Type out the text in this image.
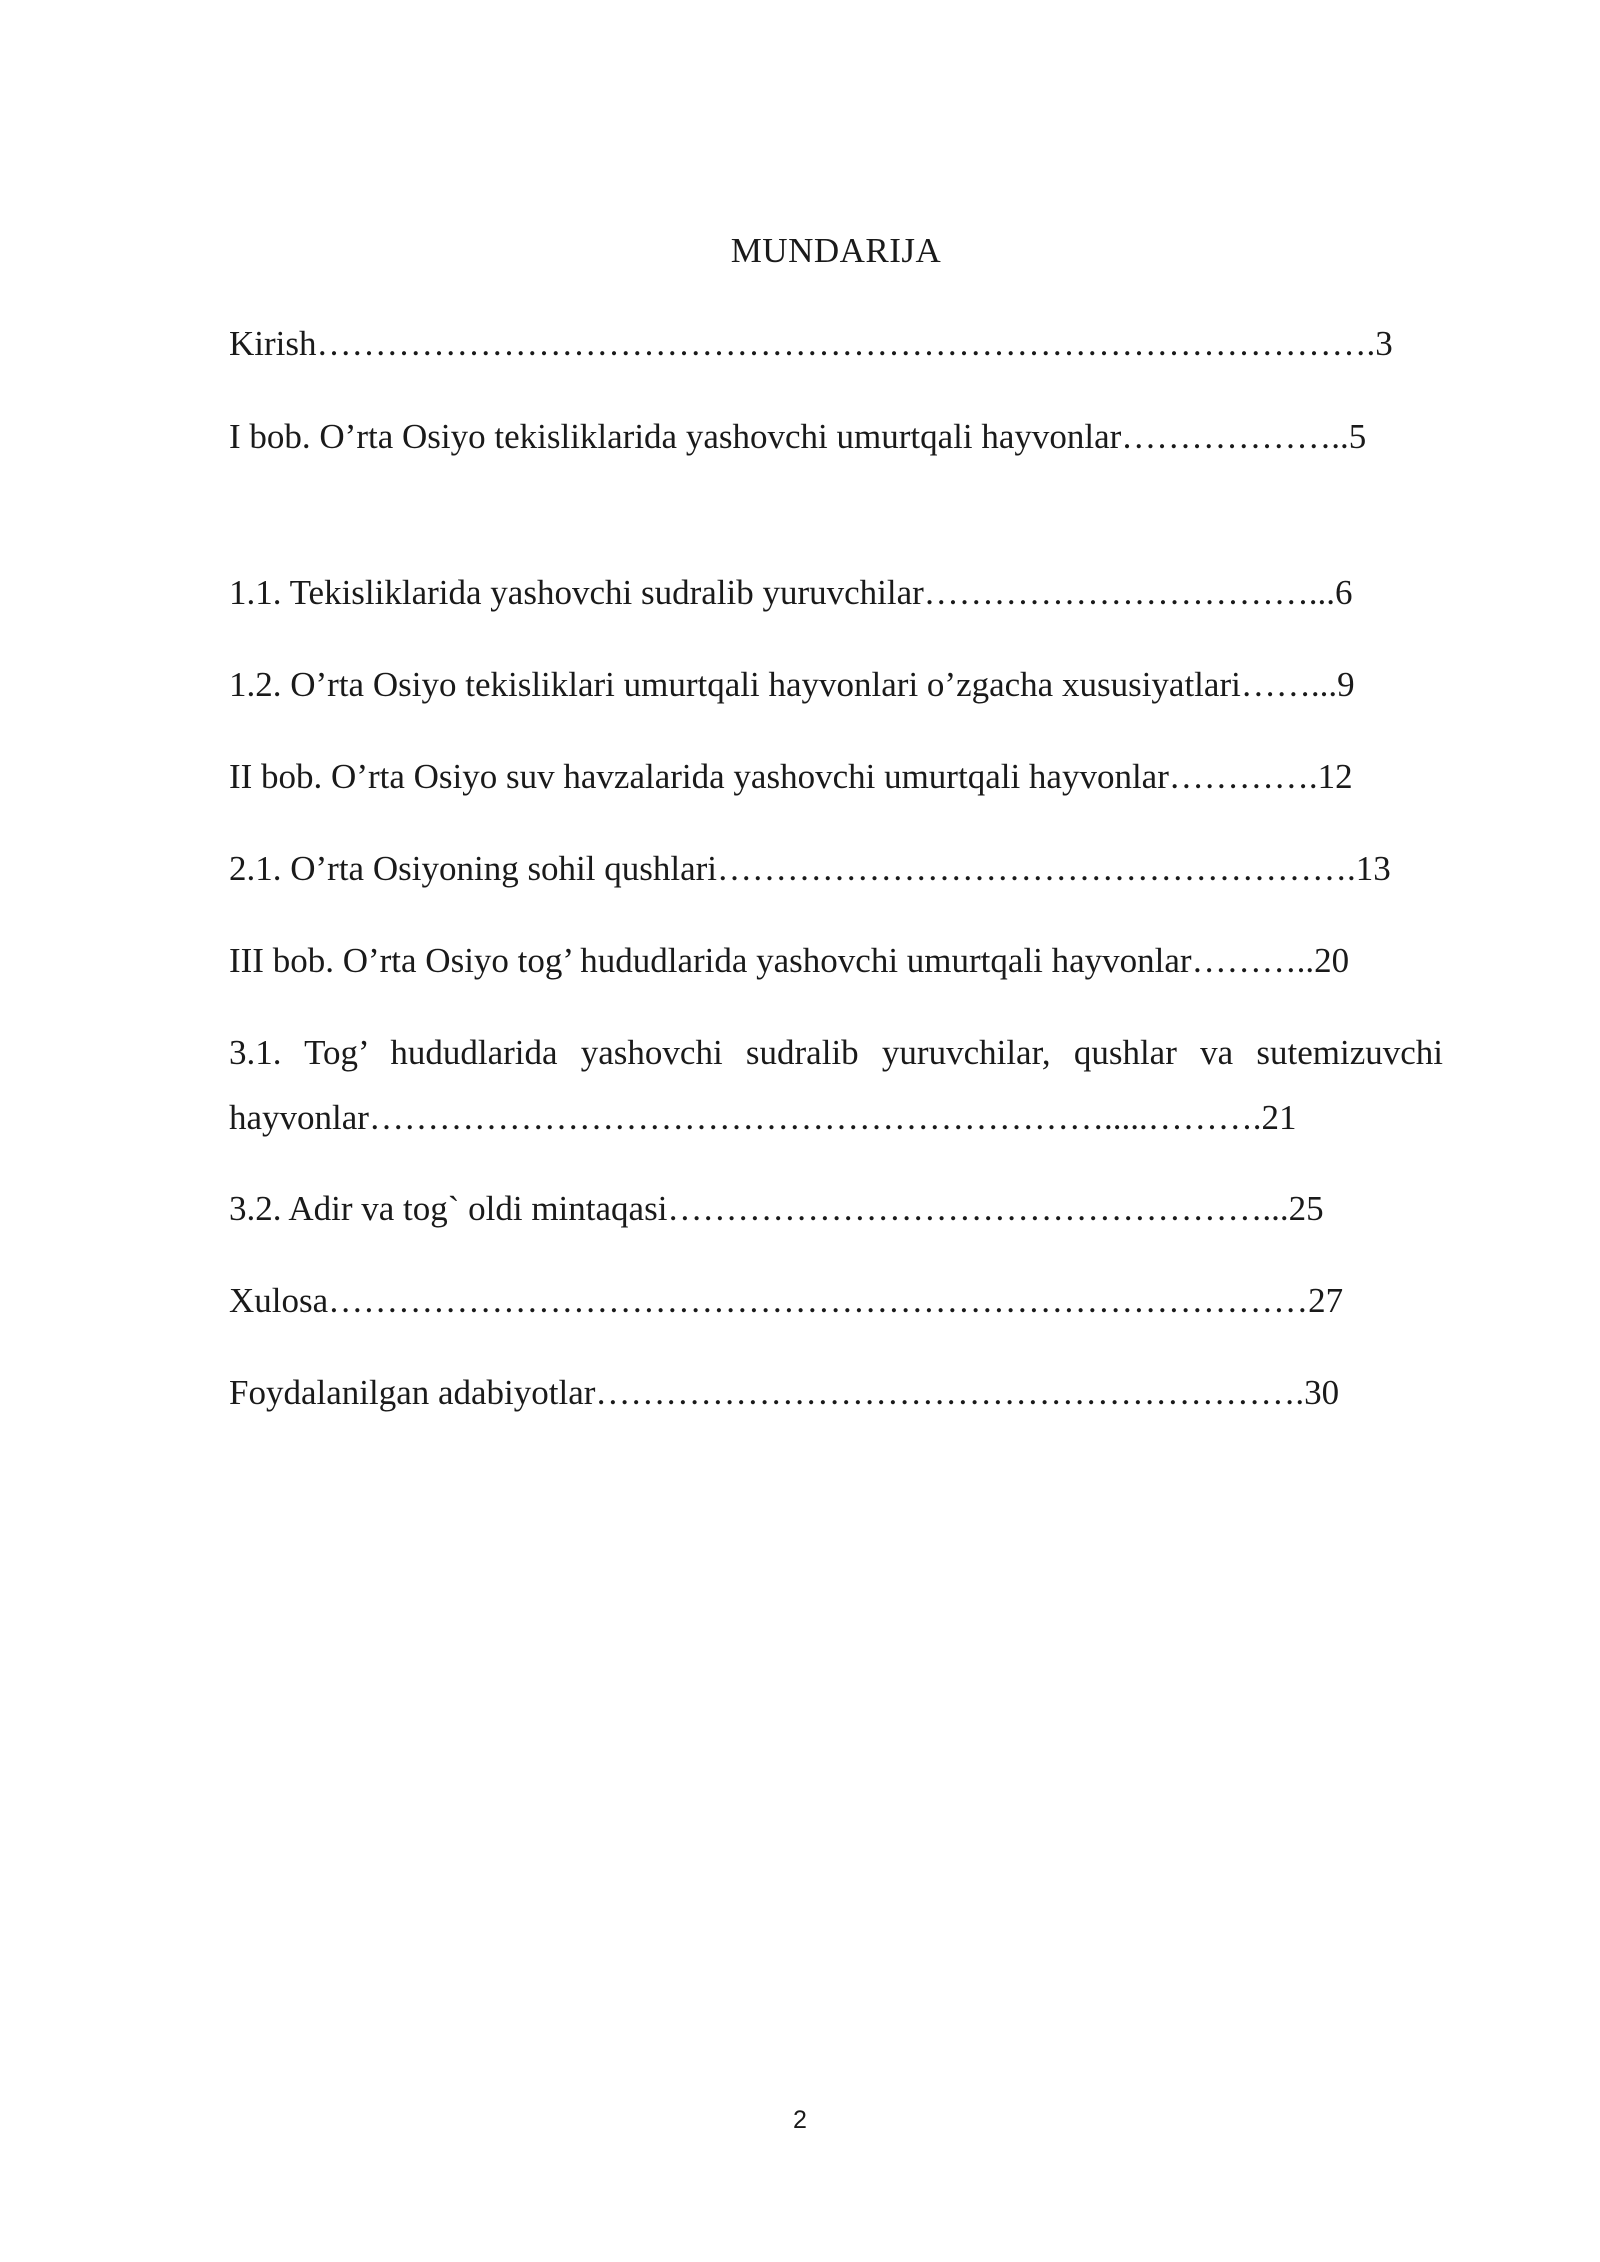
MUNDARIJA
Kirish……………………………………………………………………………….3
I bob. O’rta Osiyo tekisliklarida yashovchi umurtqali hayvonlar………………..5
1.1. Tekisliklarida yashovchi sudralib yuruvchilar……………………………...6
1.2. O’rta Osiyo tekisliklari umurtqali hayvonlari o’zgacha xususiyatlari……...9
II bob. O’rta Osiyo suv havzalarida yashovchi umurtqali hayvonlar………….12
2.1. O’rta Osiyoning sohil qushlari……………………………………………….13
III bob. O’rta Osiyo tog’ hududlarida yashovchi umurtqali hayvonlar………..20
3.1. Tog’ hududlarida yashovchi sudralib yuruvchilar, qushlar va sutemizuvchi hayvonlar……………………………………………………….....……….21
3.2. Adir va tog` oldi mintaqasi……………………………………………...25
Xulosa…………………………………………………………………………27
Foydalanilgan adabiyotlar…………………………………………………….30
2
